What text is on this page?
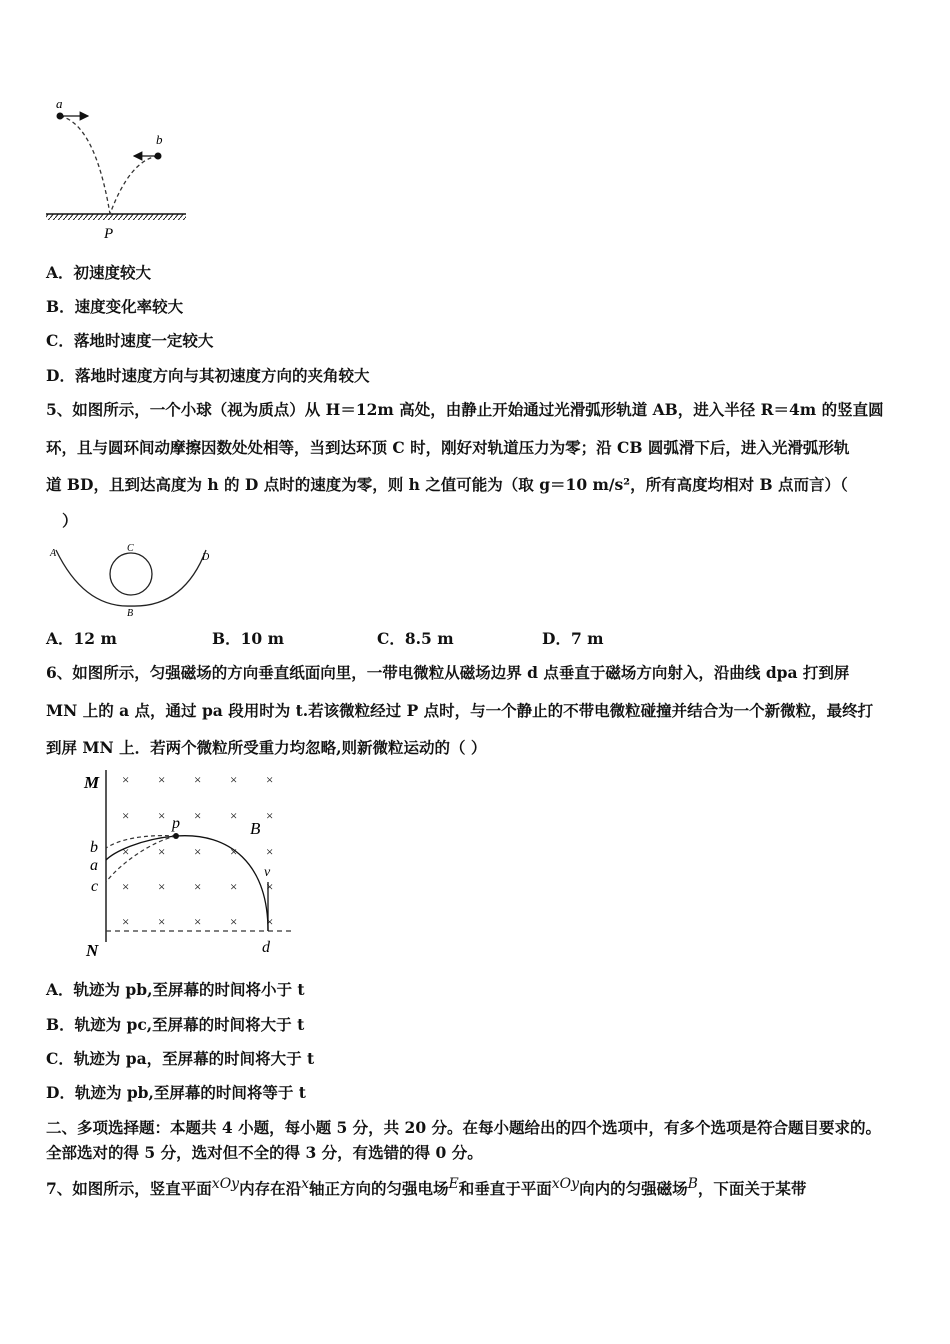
a
b
P
A．初速度较大
B．速度变化率较大
C．落地时速度一定较大
D．落地时速度方向与其初速度方向的夹角较大
5、如图所示，一个小球（视为质点）从 H＝12m 高处，由静止开始通过光滑弧形轨道 AB，进入半径 R＝4m 的竖直圆
环，且与圆环间动摩擦因数处处相等，当到达环顶 C 时，刚好对轨道压力为零；沿 CB 圆弧滑下后，进入光滑弧形轨
道 BD，且到达高度为 h 的 D 点时的速度为零，则 h 之值可能为（取 g＝10 m/s²，所有高度均相对 B 点而言）（
）
A	C
D
B
A．12 m	B．10 m	C．8.5 m	D．7 m
6、如图所示，匀强磁场的方向垂直纸面向里，一带电微粒从磁场边界 d 点垂直于磁场方向射入，沿曲线 dpa 打到屏
MN 上的 a 点，通过 pa 段用时为 t.若该微粒经过 P 点时，与一个静止的不带电微粒碰撞并结合为一个新微粒，最终打
到屏 MN 上．若两个微粒所受重力均忽略,则新微粒运动的（ ）
× × × × ×
× × × × ×
× × × × ×
× × × × ×
× × × × ×
M
N
b
a
c
p	B
v
d
A．轨迹为 pb,至屏幕的时间将小于 t
B．轨迹为 pc,至屏幕的时间将大于 t
C．轨迹为 pa，至屏幕的时间将大于 t
D．轨迹为 pb,至屏幕的时间将等于 t
二、多项选择题：本题共 4 小题，每小题 5 分，共 20 分。在每小题给出的四个选项中，有多个选项是符合题目要求的。
全部选对的得 5 分，选对但不全的得 3 分，有选错的得 0 分。
7、如图所示，竖直平面$^{xOy}$内存在沿$^x$轴正方向的匀强电场$^E$和垂直于平面$^{xOy}$向内的匀强磁场$^B$，下面关于某带
